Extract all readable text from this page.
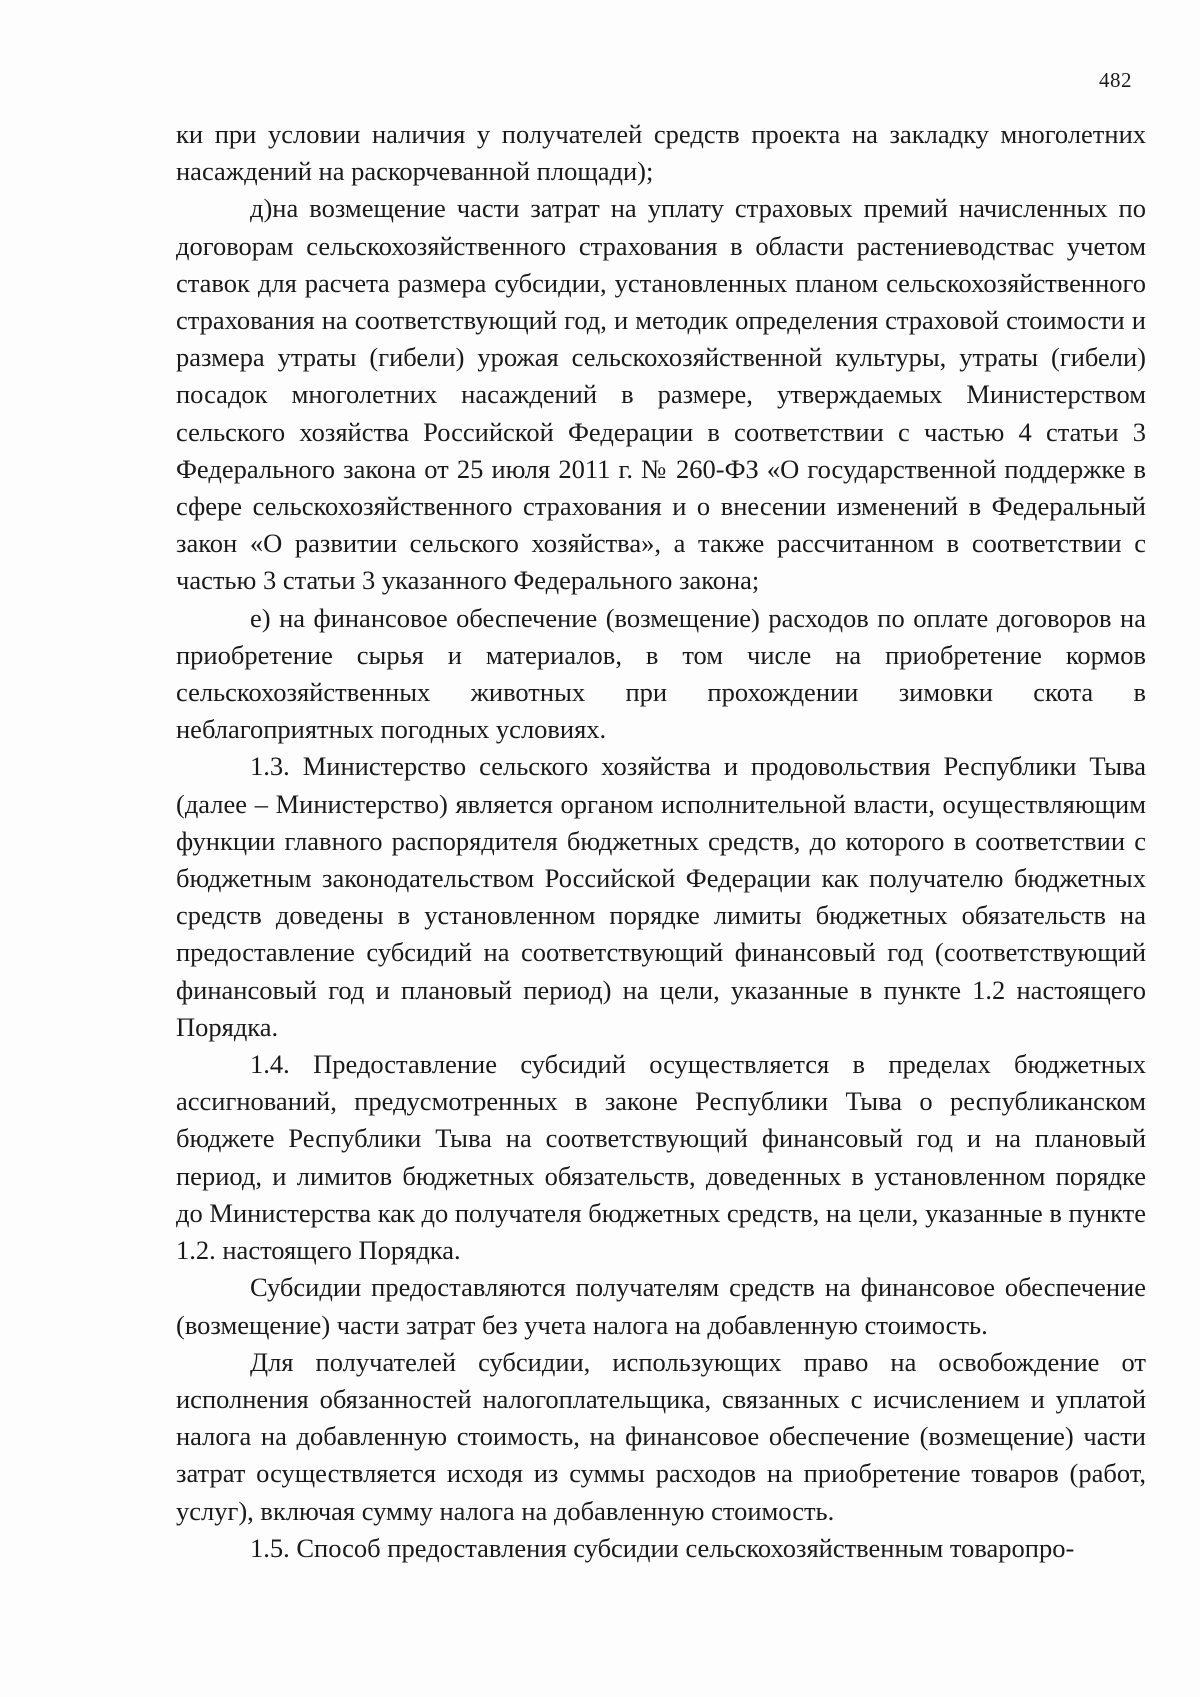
482

ки при условии наличия у получателей средств проекта на закладку многолетних насаждений на раскорчеванной площади);

д)на возмещение части затрат на уплату страховых премий начисленных по договорам сельскохозяйственного страхования в области растениеводствас учетом ставок для расчета размера субсидии, установленных планом сельскохозяйственного страхования на соответствующий год, и методик определения страховой стоимости и размера утраты (гибели) урожая сельскохозяйственной культуры, утраты (гибели) посадок многолетних насаждений в размере, утверждаемых Министерством сельского хозяйства Российской Федерации в соответствии с частью 4 статьи 3 Федерального закона от 25 июля 2011 г. № 260-ФЗ «О государственной поддержке в сфере сельскохозяйственного страхования и о внесении изменений в Федеральный закон «О развитии сельского хозяйства», а также рассчитанном в соответствии с частью 3 статьи 3 указанного Федерального закона;

е) на финансовое обеспечение (возмещение) расходов по оплате договоров на приобретение сырья и материалов, в том числе на приобретение кормов сельскохозяйственных животных при прохождении зимовки скота в неблагоприятных погодных условиях.

1.3. Министерство сельского хозяйства и продовольствия Республики Тыва (далее – Министерство) является органом исполнительной власти, осуществляющим функции главного распорядителя бюджетных средств, до которого в соответствии с бюджетным законодательством Российской Федерации как получателю бюджетных средств доведены в установленном порядке лимиты бюджетных обязательств на предоставление субсидий на соответствующий финансовый год (соответствующий финансовый год и плановый период) на цели, указанные в пункте 1.2 настоящего Порядка.

1.4. Предоставление субсидий осуществляется в пределах бюджетных ассигнований, предусмотренных в законе Республики Тыва о республиканском бюджете Республики Тыва на соответствующий финансовый год и на плановый период, и лимитов бюджетных обязательств, доведенных в установленном порядке до Министерства как до получателя бюджетных средств, на цели, указанные в пункте 1.2. настоящего Порядка.

Субсидии предоставляются получателям средств на финансовое обеспечение (возмещение) части затрат без учета налога на добавленную стоимость.

Для получателей субсидии, использующих право на освобождение от исполнения обязанностей налогоплательщика, связанных с исчислением и уплатой налога на добавленную стоимость, на финансовое обеспечение (возмещение) части затрат осуществляется исходя из суммы расходов на приобретение товаров (работ, услуг), включая сумму налога на добавленную стоимость.

1.5. Способ предоставления субсидии сельскохозяйственным товаропро-
